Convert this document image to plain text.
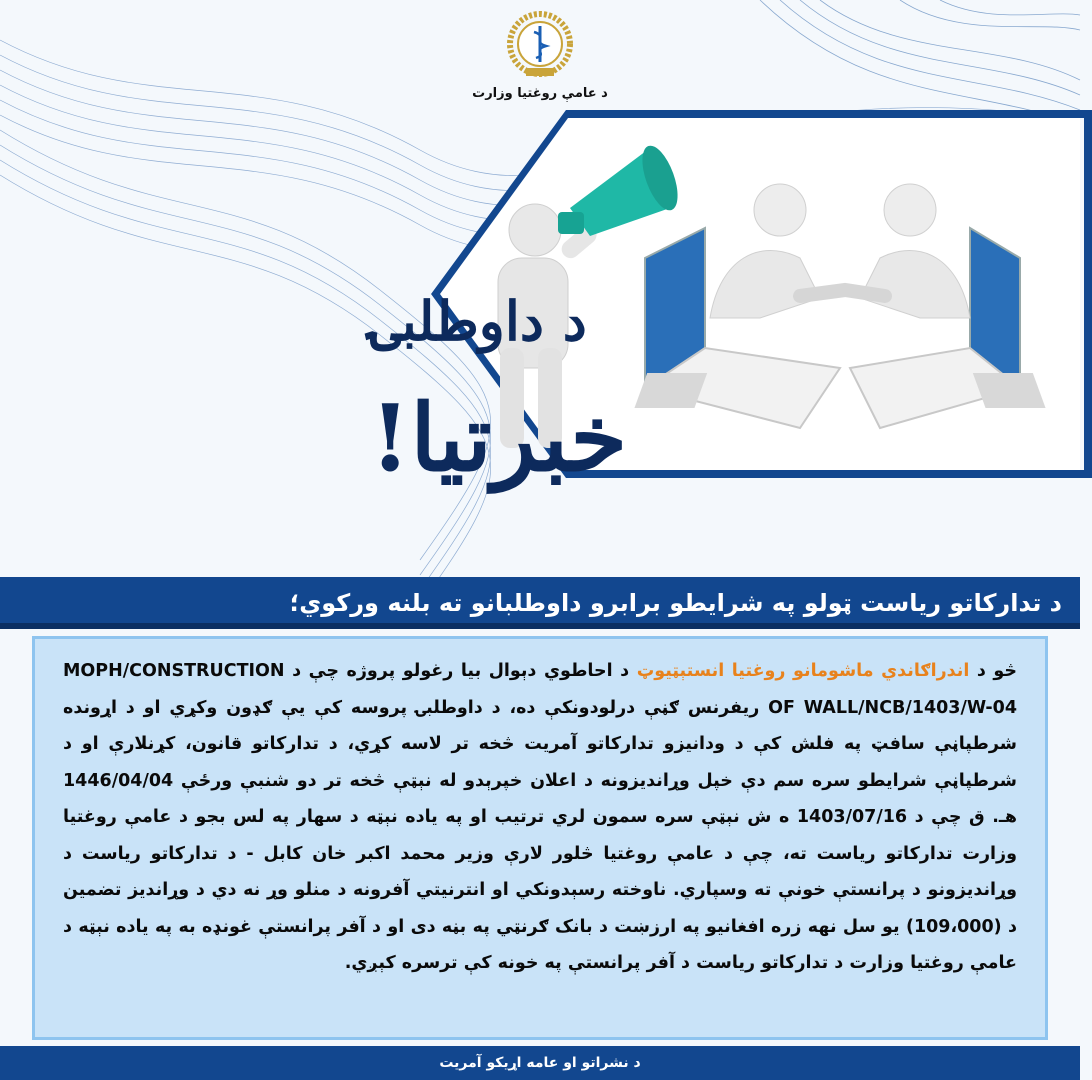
د عامې روغتیا وزارت
د داوطلبۍ
خبرتیا!
د تدارکاتو ریاست ټولو په شرایطو برابرو داوطلبانو ته بلنه ورکوي؛
څو د اندراګاندي ماشومانو روغتیا انستېټیوټ د احاطوي دېوال بیا رغولو پروژه چې د MOPH/CONSTRUCTION OF WALL/NCB/1403/W-04 ریفرنس ګڼې درلودونکې ده، د داوطلبۍ پروسه کې یې ګډون وکړي او د اړونده شرطپاڼې سافټ په فلش کې د ودانیزو تدارکاتو آمریت څخه تر لاسه کړي، د تدارکاتو قانون، کړنلارې او د شرطپاڼې شرایطو سره سم دې خپل وړاندیزونه د اعلان خپرېدو له نېټې څخه تر دو شنبې ورځې 1446/04/04 هـ. ق چې د 1403/07/16 ه ش نېټې سره سمون لري ترتیب او په یاده نېټه د سهار په لس بجو د عامې روغتیا وزارت تدارکاتو ریاست ته، چې د عامې روغتیا څلور لارې وزیر محمد اکبر خان کابل - د تدارکاتو ریاست د وړاندیزونو د پرانستې خونې ته وسپاري. ناوخته رسېدونکي او انترنیتي آفرونه د منلو وړ نه دي د وړاندیز تضمین د (109،000) یو سل نهه زره افغانیو په ارزښت د بانک ګرنټي په بڼه دی او د آفر پرانستې غونډه به په یاده نېټه د عامې روغتیا وزارت د تدارکاتو ریاست د آفر پرانستې په خونه کې ترسره کېږي.
د نشراتو او عامه اړیکو آمریت
